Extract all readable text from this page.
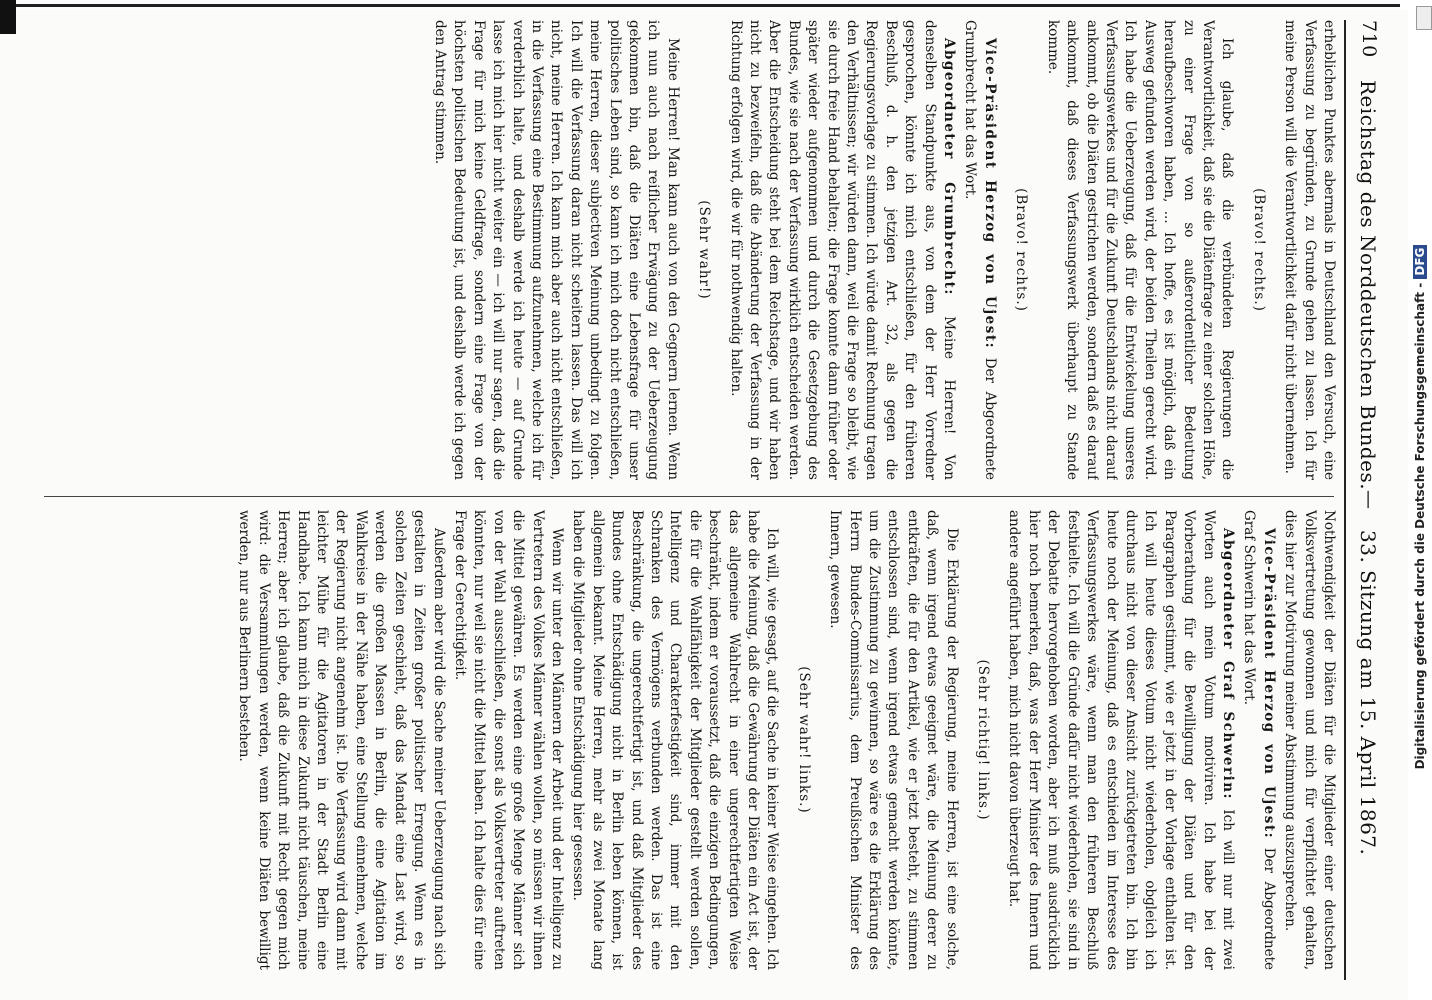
710
Reichstag des Norddeutschen Bundes.
—
33. Sitzung am 15. April 1867.

erheblichen Punktes abermals in Deutschland den Versuch, eine Verfassung zu begründen, zu Grunde gehen zu lassen. Ich für meine Person will die Verantwortlichkeit dafür nicht übernehmen.

(Bravo! rechts.)

Ich glaube, daß die verbündeten Regierungen die Verantwortlichkeit, daß sie die Diätenfrage zu einer solchen Höhe, zu einer Frage von so außerordentlicher Bedeutung heraufbeschworen haben, ... Ich hoffe, es ist möglich, daß ein Ausweg gefunden werden wird, der beiden Theilen gerecht wird. Ich habe die Ueberzeugung, daß für die Entwickelung unseres Verfassungswerkes und für die Zukunft Deutschlands nicht darauf ankommt, ob die Diäten gestrichen werden, sondern daß es darauf ankommt, daß dieses Verfassungswerk überhaupt zu Stande komme.

(Bravo! rechts.)

Vice-Präsident Herzog von Ujest: Der Abgeordnete Grumbrecht hat das Wort.

Abgeordneter Grumbrecht: Meine Herren! Von denselben Standpunkte aus, von dem der Herr Vorredner gesprochen, könnte ich mich entschließen, für den früheren Beschluß, d. h. den jetzigen Art. 32, als gegen die Regierungsvorlage zu stimmen. Ich würde damit Rechnung tragen den Verhältnissen; wir würden dann, weil die Frage so bleibt, wie sie durch freie Hand behalten; die Frage konnte dann früher oder später wieder aufgenommen und durch die Gesetzgebung des Bundes, wie sie nach der Verfassung wirklich entscheiden werden. Aber die Entscheidung steht bei dem Reichstage, und wir haben nicht zu bezweifeln, daß die Abänderung der Verfassung in der Richtung erfolgen wird, die wir für nothwendig halten.

(Sehr wahr!)

Meine Herren! Man kann auch von den Gegnern lernen. Wenn ich nun auch nach reiflicher Erwägung zu der Ueberzeugung gekommen bin, daß die Diäten eine Lebensfrage für unser politisches Leben sind, so kann ich mich doch nicht entschließen, meine Herren, dieser subjectiven Meinung unbedingt zu folgen. Ich will die Verfassung daran nicht scheitern lassen. Das will ich nicht, meine Herren. Ich kann mich aber auch nicht entschließen, in die Verfassung eine Bestimmung aufzunehmen, welche ich für verderblich halte, und deshalb werde ich heute — auf Grunde lasse ich mich hier nicht weiter ein — ich will nur sagen, daß die Frage für mich keine Geldfrage, sondern eine Frage von der höchsten politischen Bedeutung ist, und deshalb werde ich gegen den Antrag stimmen.

Nothwendigkeit der Diäten für die Mitglieder einer deutschen Volksvertretung gewonnen und mich für verpflichtet gehalten, dies hier zur Motivirung meiner Abstimmung auszusprechen.

Vice-Präsident Herzog von Ujest: Der Abgeordnete Graf Schwerin hat das Wort.

Abgeordneter Graf Schwerin: Ich will nur mit zwei Worten auch mein Votum motiviren. Ich habe bei der Vorberathung für die Bewilligung der Diäten und für den Paragraphen gestimmt, wie er jetzt in der Vorlage enthalten ist. Ich will heute dieses Votum nicht wiederholen, obgleich ich durchaus nicht von dieser Ansicht zurückgetreten bin. Ich bin heute noch der Meinung, daß es entschieden im Interesse des Verfassungswerkes wäre, wenn man den früheren Beschluß festhielte. Ich will die Gründe dafür nicht wiederholen, sie sind in der Debatte hervorgehoben worden, aber ich muß ausdrücklich hier noch bemerken, daß, was der Herr Minister des Innern und andere angeführt haben, mich nicht davon überzeugt hat.

(Sehr richtig! links.)

Die Erklärung der Regierung, meine Herren, ist eine solche, daß, wenn irgend etwas geeignet wäre, die Meinung derer zu entkräften, die für den Artikel, wie er jetzt besteht, zu stimmen entschlossen sind, wenn irgend etwas gemacht werden könnte, um die Zustimmung zu gewinnen, so wäre es die Erklärung des Herrn Bundes-Commissarius, dem Preußischen Minister des Innern, gewesen.

(Sehr wahr! links.)

Ich will, wie gesagt, auf die Sache in keiner Weise eingehen. Ich habe die Meinung, daß die Gewährung der Diäten ein Act ist, der das allgemeine Wahlrecht in einer ungerechtfertigten Weise beschränkt, indem er voraussetzt, daß die einzigen Bedingungen, die für die Wahlfähigkeit der Mitglieder gestellt werden sollen, Intelligenz und Charakterfestigkeit sind, immer mit den Schranken des Vermögens verbunden werden. Das ist eine Beschränkung, die ungerechtfertigt ist, und daß Mitglieder des Bundes ohne Entschädigung nicht in Berlin leben können, ist allgemein bekannt. Meine Herren, mehr als zwei Monate lang haben die Mitglieder ohne Entschädigung hier gesessen.

Wenn wir unter den Männern der Arbeit und der Intelligenz zu Vertretern des Volkes Männer wählen wollen, so müssen wir ihnen die Mittel gewähren. Es werden eine große Menge Männer sich von der Wahl ausschließen, die sonst als Volksvertreter auftreten könnten, nur weil sie nicht die Mittel haben. Ich halte dies für eine Frage der Gerechtigkeit.

Außerdem aber wird die Sache meiner Ueberzeugung nach sich gestalten in Zeiten großer politischer Erregung. Wenn es in solchen Zeiten geschieht, daß das Mandat eine Last wird, so werden die großen Massen in Berlin, die eine Agitation im Wahlkreise in der Nähe haben, eine Stellung einnehmen, welche der Regierung nicht angenehm ist. Die Verfassung wird dann mit leichter Mühe für die Agitatoren in der Stadt Berlin eine Handhabe. Ich kann mich in diese Zukunft nicht täuschen, meine Herren; aber ich glaube, daß die Zukunft mit Recht gegen mich wird: die Versammlungen werden, wenn keine Diäten bewilligt werden, nur aus Berlinern bestehen.	Digitalisierung gefördert durch die Deutsche Forschungsgemeinschaft - DFG
